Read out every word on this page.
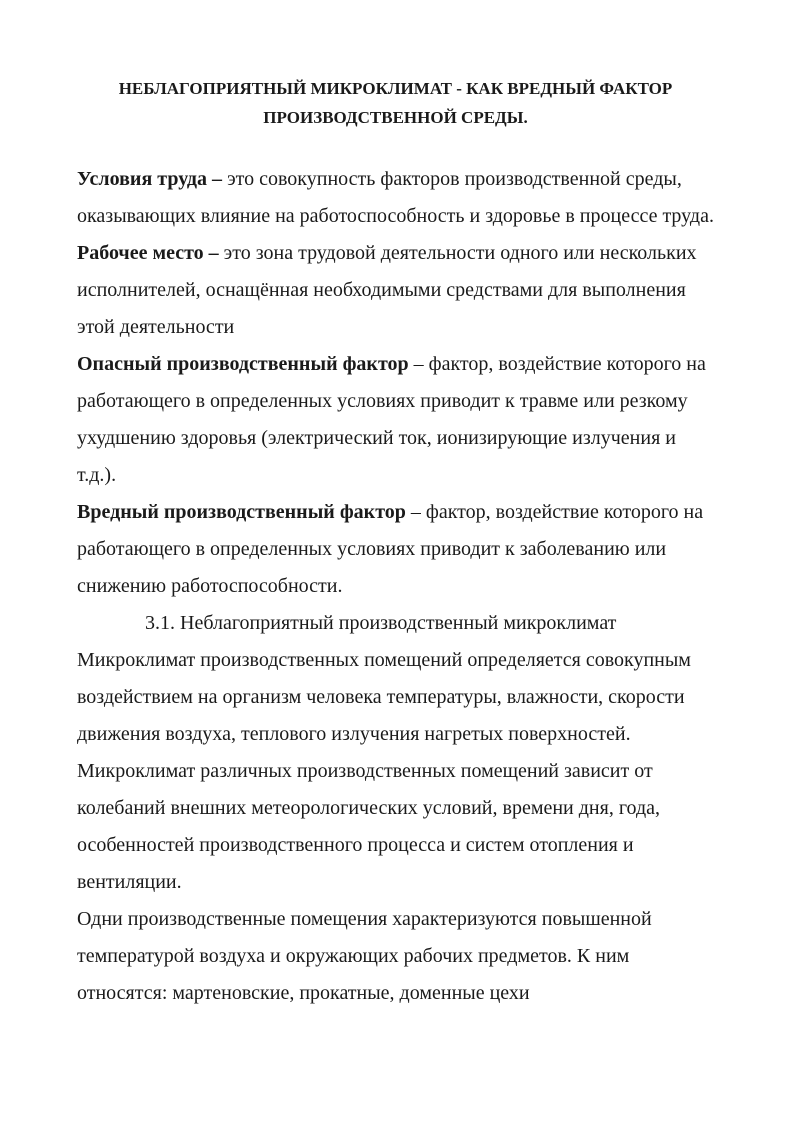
НЕБЛАГОПРИЯТНЫЙ МИКРОКЛИМАТ - КАК ВРЕДНЫЙ ФАКТОР
ПРОИЗВОДСТВЕННОЙ СРЕДЫ.

Условия труда – это совокупность факторов производственной среды, оказывающих влияние на работоспособность и здоровье в процессе труда.

Рабочее место – это зона трудовой деятельности одного или нескольких исполнителей, оснащённая необходимыми средствами для выполнения этой деятельности

Опасный производственный фактор – фактор, воздействие которого на работающего в определенных условиях приводит к травме или резкому ухудшению здоровья (электрический ток, ионизирующие излучения и т.д.).

Вредный производственный фактор – фактор, воздействие которого на работающего в определенных условиях приводит к заболеванию или снижению работоспособности.

3.1. Неблагоприятный производственный микроклимат

Микроклимат производственных помещений определяется совокупным воздействием на организм человека температуры, влажности, скорости движения воздуха, теплового излучения нагретых поверхностей. Микроклимат различных производственных помещений зависит от колебаний внешних метеорологических условий, времени дня, года, особенностей производственного процесса и систем отопления и вентиляции.

Одни производственные помещения характеризуются повышенной температурой воздуха и окружающих рабочих предметов. К ним относятся: мартеновские, прокатные, доменные цехи
